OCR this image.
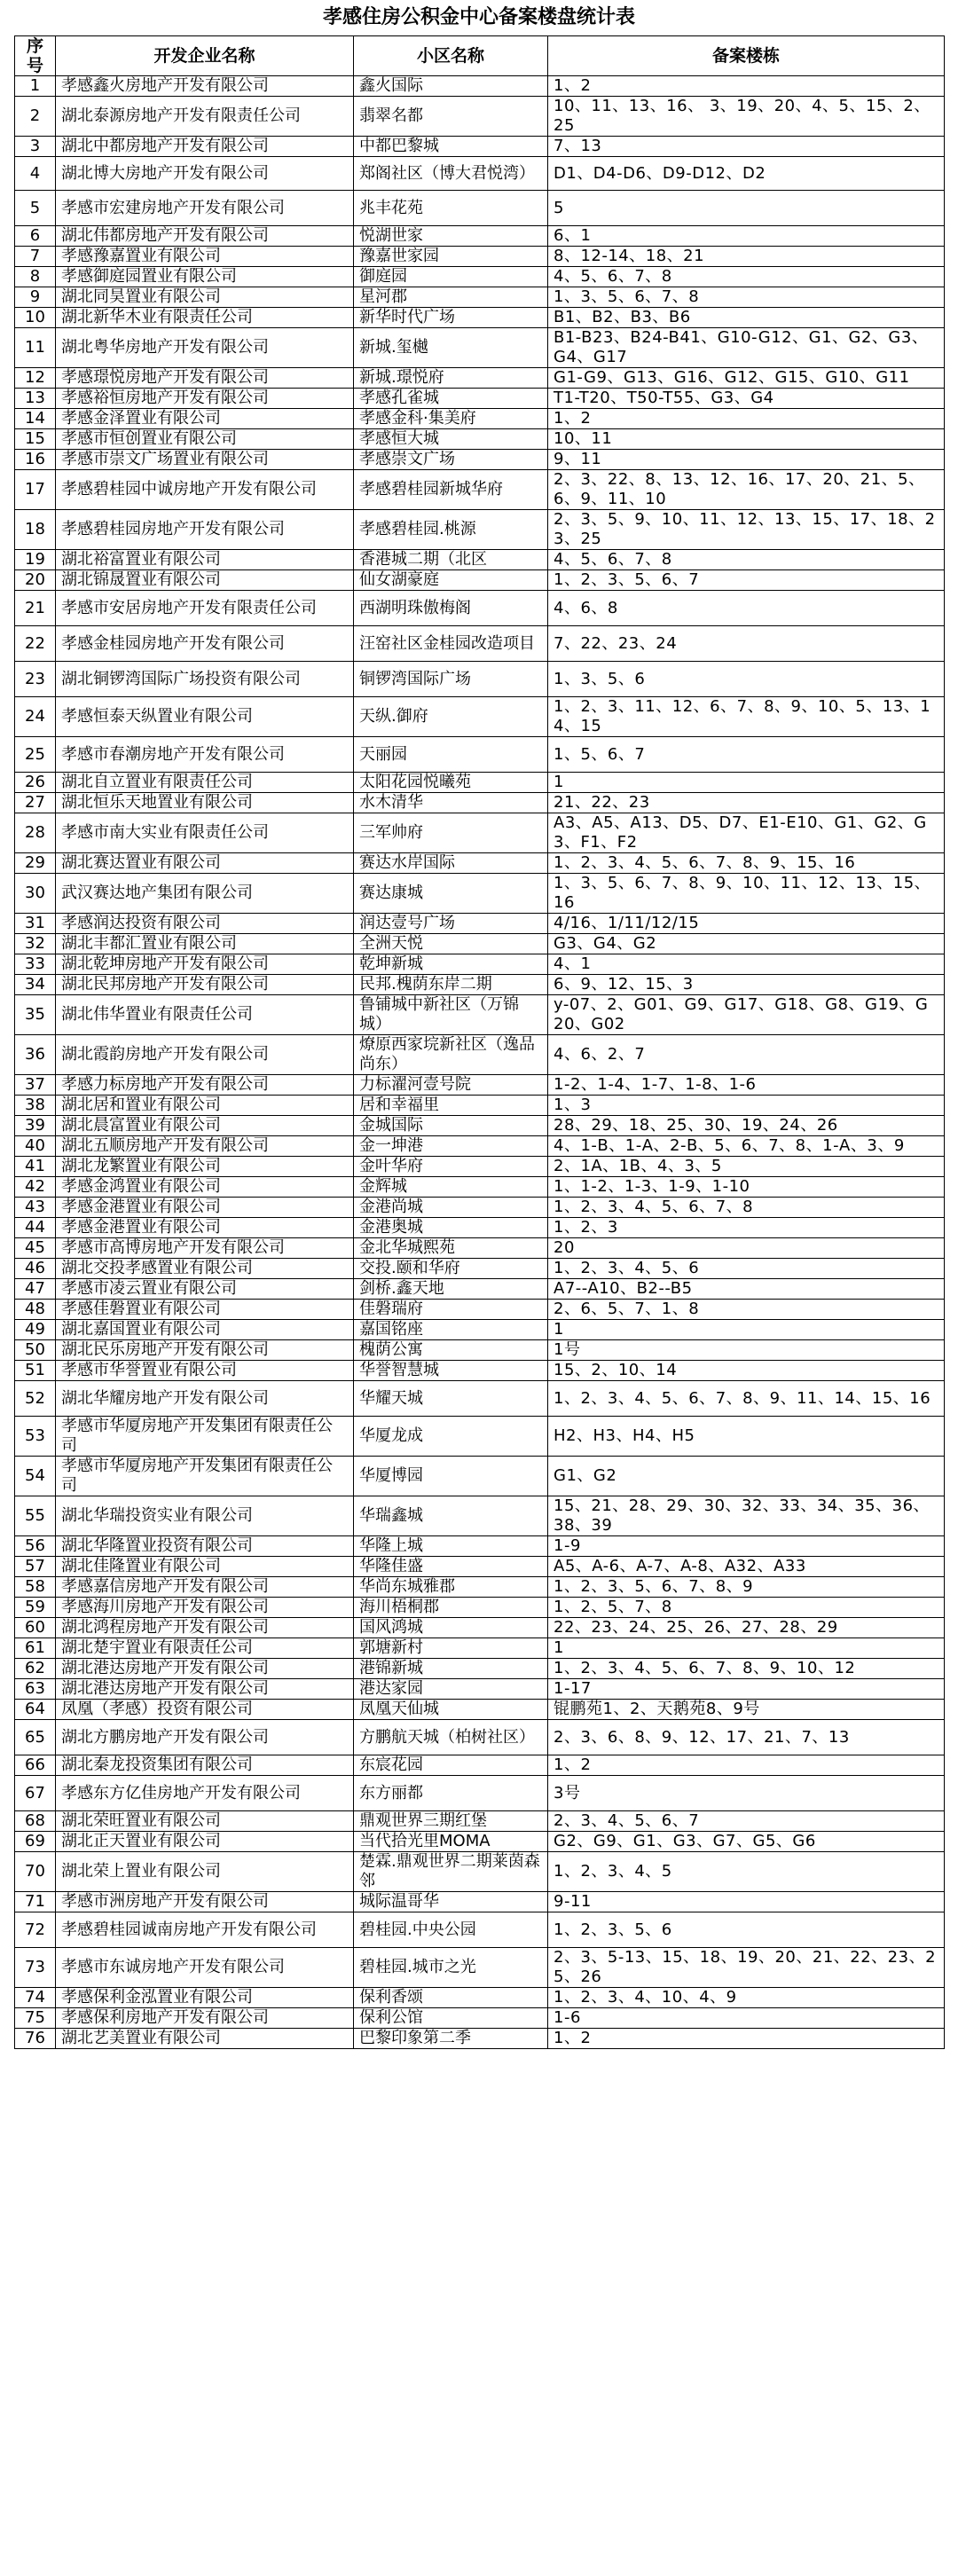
孝感住房公积金中心备案楼盘统计表
序号	开发企业名称	小区名称	备案楼栋
1	孝感鑫火房地产开发有限公司	鑫火国际	1、2
2	湖北泰源房地产开发有限责任公司	翡翠名都	10、11、13、16、 3、19、20、4、5、15、2、25
3	湖北中都房地产开发有限公司	中都巴黎城	7、13
4	湖北博大房地产开发有限公司	郑阁社区（博大君悦湾）	D1、D4-D6、D9-D12、D2
5	孝感市宏建房地产开发有限公司	兆丰花苑	5
6	湖北伟都房地产开发有限公司	悦湖世家	6、1
7	孝感豫嘉置业有限公司	豫嘉世家园	8、12-14、18、21
8	孝感御庭园置业有限公司	御庭园	4、5、6、7、8
9	湖北同昊置业有限公司	星河郡	1、3、5、6、7、8
10	湖北新华木业有限责任公司	新华时代广场	B1、B2、B3、B6
11	湖北粤华房地产开发有限公司	新城.玺樾	B1-B23、B24-B41、G10-G12、G1、G2、G3、G4、G17
12	孝感璟悦房地产开发有限公司	新城.璟悦府	G1-G9、G13、G16、G12、G15、G10、G11
13	孝感裕恒房地产开发有限公司	孝感孔雀城	T1-T20、T50-T55、G3、G4
14	孝感金泽置业有限公司	孝感金科·集美府	1、2
15	孝感市恒创置业有限公司	孝感恒大城	10、11
16	孝感市崇文广场置业有限公司	孝感崇文广场	9、11
17	孝感碧桂园中诚房地产开发有限公司	孝感碧桂园新城华府	2、3、22、8、13、12、16、17、20、21、5、6、9、11、10
18	孝感碧桂园房地产开发有限公司	孝感碧桂园.桃源	2、3、5、9、10、11、12、13、15、17、18、23、25
19	湖北裕富置业有限公司	香港城二期（北区	4、5、6、7、8
20	湖北锦晟置业有限公司	仙女湖豪庭	1、2、3、5、6、7
21	孝感市安居房地产开发有限责任公司	西湖明珠傲梅阁	4、6、8
22	孝感金桂园房地产开发有限公司	汪窑社区金桂园改造项目	7、22、23、24
23	湖北铜锣湾国际广场投资有限公司	铜锣湾国际广场	1、3、5、6
24	孝感恒泰天纵置业有限公司	天纵.御府	1、2、3、11、12、6、7、8、9、10、5、13、14、15
25	孝感市春潮房地产开发有限公司	天丽园	1、5、6、7
26	湖北自立置业有限责任公司	太阳花园悦曦苑	1
27	湖北恒乐天地置业有限公司	水木清华	21、22、23
28	孝感市南大实业有限责任公司	三军帅府	A3、A5、A13、D5、D7、E1-E10、G1、G2、G3、F1、F2
29	湖北赛达置业有限公司	赛达水岸国际	1、2、3、4、5、6、7、8、9、15、16
30	武汉赛达地产集团有限公司	赛达康城	1、3、5、6、7、8、9、10、11、12、13、15、16
31	孝感润达投资有限公司	润达壹号广场	4/16、1/11/12/15
32	湖北丰都汇置业有限公司	全洲天悦	G3、G4、G2
33	湖北乾坤房地产开发有限公司	乾坤新城	4、1
34	湖北民邦房地产开发有限公司	民邦.槐荫东岸二期	6、9、12、15、3
35	湖北伟华置业有限责任公司	鲁铺城中新社区（万锦城）	y-07、2、G01、G9、G17、G18、G8、G19、G20、G02
36	湖北霞韵房地产开发有限公司	燎原西家垸新社区（逸品尚东）	4、6、2、7
37	孝感力标房地产开发有限公司	力标濯河壹号院	1-2、1-4、1-7、1-8、1-6
38	湖北居和置业有限公司	居和幸福里	1、3
39	湖北晨富置业有限公司	金城国际	28、29、18、25、30、19、24、26
40	湖北五顺房地产开发有限公司	金一坤港	4、1-B、1-A、2-B、5、6、7、8、1-A、3、9
41	湖北龙繁置业有限公司	金叶华府	2、1A、1B、4、3、5
42	孝感金鸿置业有限公司	金辉城	1、1-2、1-3、1-9、1-10
43	孝感金港置业有限公司	金港尚城	1、2、3、4、5、6、7、8
44	孝感金港置业有限公司	金港奥城	1、2、3
45	孝感市高博房地产开发有限公司	金北华城熙苑	20
46	湖北交投孝感置业有限公司	交投.颐和华府	1、2、3、4、5、6
47	孝感市凌云置业有限公司	剑桥.鑫天地	A7--A10、B2--B5
48	孝感佳磐置业有限公司	佳磐瑞府	2、6、5、7、1、8
49	湖北嘉国置业有限公司	嘉国铭座	1
50	湖北民乐房地产开发有限公司	槐荫公寓	1号
51	孝感市华誉置业有限公司	华誉智慧城	15、2、10、14
52	湖北华耀房地产开发有限公司	华耀天城	1、2、3、4、5、6、7、8、9、11、14、15、16
53	孝感市华厦房地产开发集团有限责任公司	华厦龙成	H2、H3、H4、H5
54	孝感市华厦房地产开发集团有限责任公司	华厦博园	G1、G2
55	湖北华瑞投资实业有限公司	华瑞鑫城	15、21、28、29、30、32、33、34、35、36、38、39
56	湖北华隆置业投资有限公司	华隆上城	1-9
57	湖北佳隆置业有限公司	华隆佳盛	A5、A-6、A-7、A-8、A32、A33
58	孝感嘉信房地产开发有限公司	华尚东城雅郡	1、2、3、5、6、7、8、9
59	孝感海川房地产开发有限公司	海川梧桐郡	1、2、5、7、8
60	湖北鸿程房地产开发有限公司	国风鸿城	22、23、24、25、26、27、28、29
61	湖北楚宇置业有限责任公司	郭塘新村	1
62	湖北港达房地产开发有限公司	港锦新城	1、2、3、4、5、6、7、8、9、10、12
63	湖北港达房地产开发有限公司	港达家园	1-17
64	凤凰（孝感）投资有限公司	凤凰天仙城	锟鹏苑1、2、天鹅苑8、9号
65	湖北方鹏房地产开发有限公司	方鹏航天城（柏树社区）	2、3、6、8、9、12、17、21、7、13
66	湖北秦龙投资集团有限公司	东宸花园	1、2
67	孝感东方亿佳房地产开发有限公司	东方丽都	3号
68	湖北荣旺置业有限公司	鼎观世界三期红堡	2、3、4、5、6、7
69	湖北正天置业有限公司	当代拾光里MOMA	G2、G9、G1、G3、G7、G5、G6
70	湖北荣上置业有限公司	楚霖.鼎观世界二期莱茵森邻	1、2、3、4、5
71	孝感市洲房地产开发有限公司	城际温哥华	9-11
72	孝感碧桂园诚南房地产开发有限公司	碧桂园.中央公园	1、2、3、5、6
73	孝感市东诚房地产开发有限公司	碧桂园.城市之光	2、3、5-13、15、18、19、20、21、22、23、25、26
74	孝感保利金泓置业有限公司	保利香颂	1、2、3、4、10、4、9
75	孝感保利房地产开发有限公司	保利公馆	1-6
76	湖北艺美置业有限公司	巴黎印象第二季	1、2
